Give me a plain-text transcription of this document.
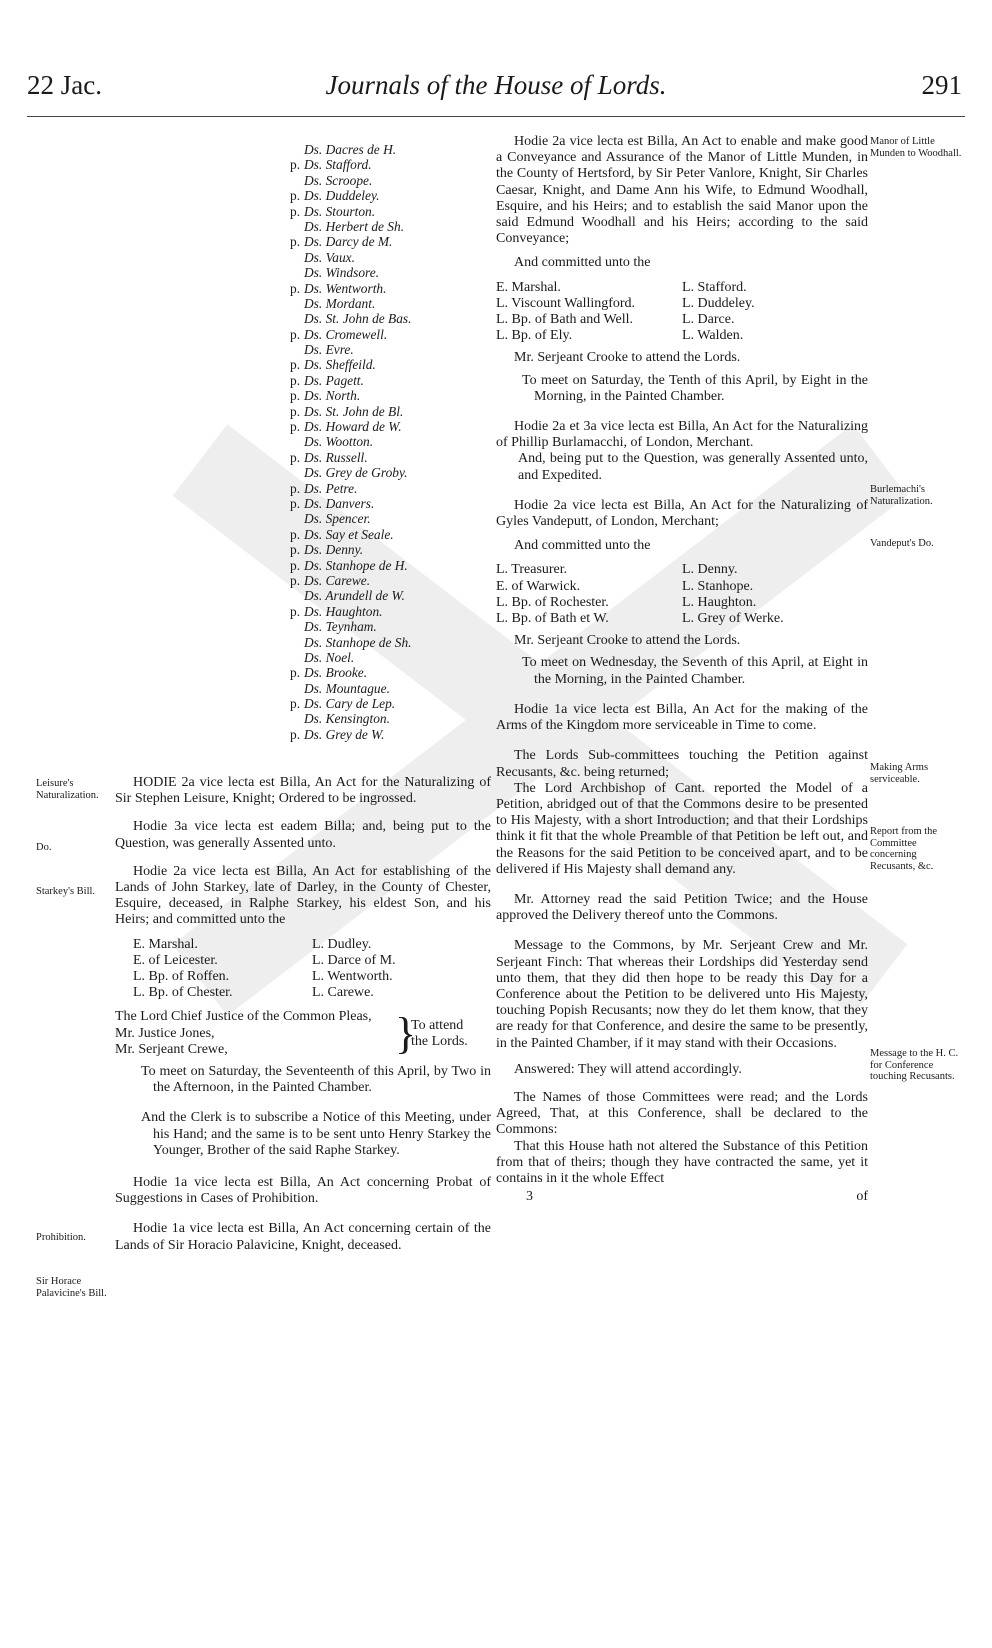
22 Jac.	Journals of the House of Lords.	291
Ds. Dacres de H.
p. Ds. Stafford.
Ds. Scroope.
p. Ds. Duddeley.
p. Ds. Stourton.
Ds. Herbert de Sh.
p. Ds. Darcy de M.
Ds. Vaux.
Ds. Windsore.
p. Ds. Wentworth.
Ds. Mordant.
Ds. St. John de Bas.
p. Ds. Cromewell.
Ds. Evre.
p. Ds. Sheffeild.
p. Ds. Pagett.
p. Ds. North.
p. Ds. St. John de Bl.
p. Ds. Howard de W.
Ds. Wootton.
p. Ds. Russell.
Ds. Grey de Groby.
p. Ds. Petre.
p. Ds. Danvers.
Ds. Spencer.
p. Ds. Say et Seale.
p. Ds. Denny.
p. Ds. Stanhope de H.
p. Ds. Carewe.
Ds. Arundell de W.
p. Ds. Haughton.
Ds. Teynham.
Ds. Stanhope de Sh.
Ds. Noel.
p. Ds. Brooke.
Ds. Mountague.
p. Ds. Cary de Lep.
Ds. Kensington.
p. Ds. Grey de W.

HODIE 2a vice lecta est Billa, An Act for the Naturalizing of Sir Stephen Leisure, Knight; Ordered to be ingrossed.

Hodie 3a vice lecta est eadem Billa; and, being put to the Question, was generally Assented unto.

Hodie 2a vice lecta est Billa, An Act for establishing of the Lands of John Starkey, late of Darley, in the County of Chester, Esquire, deceased, in Ralphe Starkey, his eldest Son, and his Heirs; and committed unto the

E. Marshal.	L. Dudley.
E. of Leicester.	L. Darce of M.
L. Bp. of Roffen.	L. Wentworth.
L. Bp. of Chester.	L. Carewe.
The Lord Chief Justice of the Common Pleas,
Mr. Justice Jones,
Mr. Serjeant Crewe,	}
To attend the Lords.

To meet on Saturday, the Seventeenth of this April, by Two in the Afternoon, in the Painted Chamber.

And the Clerk is to subscribe a Notice of this Meeting, under his Hand; and the same is to be sent unto Henry Starkey the Younger, Brother of the said Raphe Starkey.

Hodie 1a vice lecta est Billa, An Act concerning Probat of Suggestions in Cases of Prohibition.

Hodie 1a vice lecta est Billa, An Act concerning certain of the Lands of Sir Horacio Palavicine, Knight, deceased.

Leisure's Naturalization.
Do.
Starkey's Bill.
Prohibition.
Sir Horace Palavicine's Bill.

Hodie 2a vice lecta est Billa, An Act to enable and make good a Conveyance and Assurance of the Manor of Little Munden, in the County of Hertsford, by Sir Peter Vanlore, Knight, Sir Charles Caesar, Knight, and Dame Ann his Wife, to Edmund Woodhall, Esquire, and his Heirs; and to establish the said Manor upon the said Edmund Woodhall and his Heirs; according to the said Conveyance;

And committed unto the

E. Marshal.	L. Stafford.
L. Viscount Wallingford.	L. Duddeley.
L. Bp. of Bath and Well.	L. Darce.
L. Bp. of Ely.	L. Walden.

Mr. Serjeant Crooke to attend the Lords.

To meet on Saturday, the Tenth of this April, by Eight in the Morning, in the Painted Chamber.

Hodie 2a et 3a vice lecta est Billa, An Act for the Naturalizing of Phillip Burlamacchi, of London, Merchant.

And, being put to the Question, was generally Assented unto, and Expedited.

Hodie 2a vice lecta est Billa, An Act for the Naturalizing of Gyles Vandeputt, of London, Merchant;

And committed unto the

L. Treasurer.	L. Denny.
E. of Warwick.	L. Stanhope.
L. Bp. of Rochester.	L. Haughton.
L. Bp. of Bath et W.	L. Grey of Werke.

Mr. Serjeant Crooke to attend the Lords.

To meet on Wednesday, the Seventh of this April, at Eight in the Morning, in the Painted Chamber.

Hodie 1a vice lecta est Billa, An Act for the making of the Arms of the Kingdom more serviceable in Time to come.

The Lords Sub-committees touching the Petition against Recusants, &c. being returned;

The Lord Archbishop of Cant. reported the Model of a Petition, abridged out of that the Commons desire to be presented to His Majesty, with a short Introduction; and that their Lordships think it fit that the whole Preamble of that Petition be left out, and the Reasons for the said Petition to be conceived apart, and to be delivered if His Majesty shall demand any.

Mr. Attorney read the said Petition Twice; and the House approved the Delivery thereof unto the Commons.

Message to the Commons, by Mr. Serjeant Crew and Mr. Serjeant Finch: That whereas their Lordships did Yesterday send unto them, that they did then hope to be ready this Day for a Conference about the Petition to be delivered unto His Majesty, touching Popish Recusants; now they do let them know, that they are ready for that Conference, and desire the same to be presently, in the Painted Chamber, if it may stand with their Occasions.

Answered: They will attend accordingly.

The Names of those Committees were read; and the Lords Agreed, That, at this Conference, shall be declared to the Commons:

That this House hath not altered the Substance of this Petition from that of theirs; though they have contracted the same, yet it contains in it the whole Effect

3	of
Manor of Little Munden to Woodhall.
Burlemachi's Naturalization.
Vandeput's Do.
Making Arms serviceable.
Report from the Committee concerning Recusants, &c.
Message to the H. C. for Conference touching Recusants.
